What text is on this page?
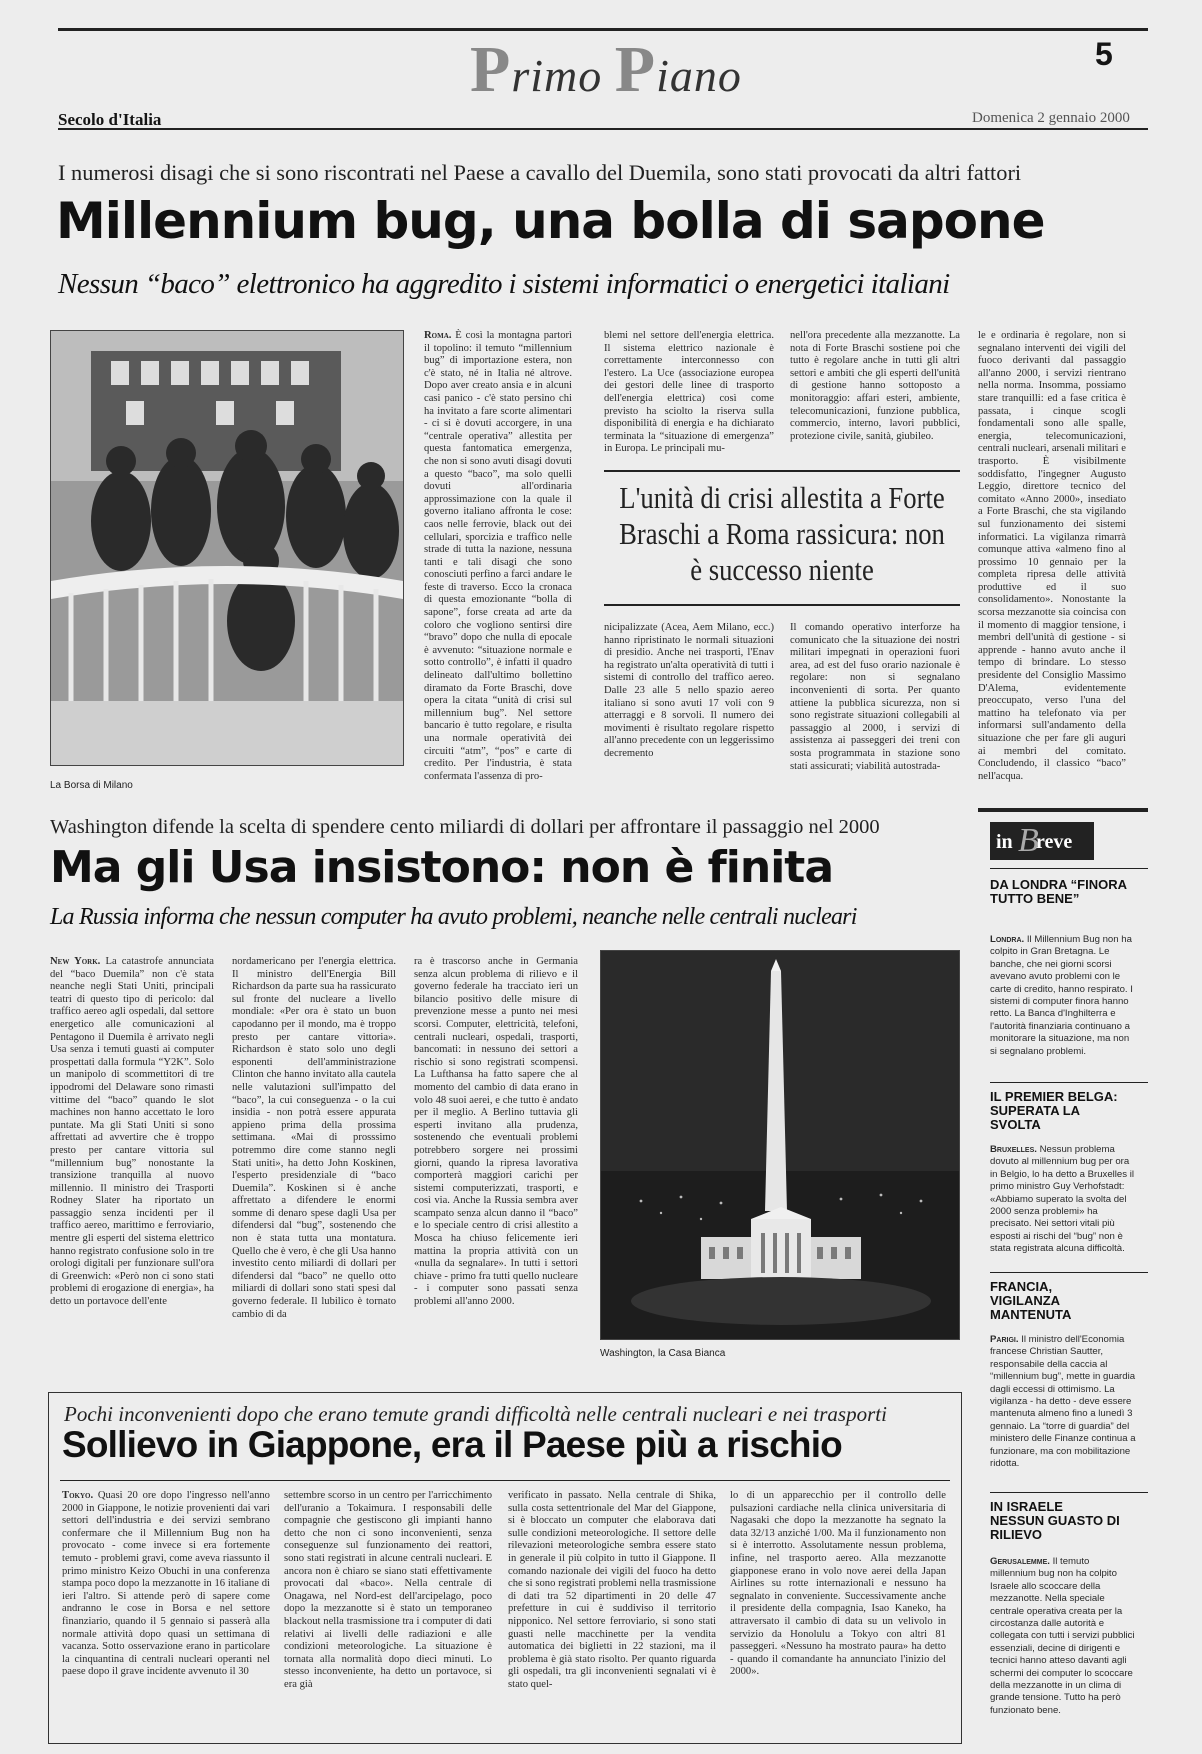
Primo Piano	5
Secolo d'Italia	Domenica 2 gennaio 2000
I numerosi disagi che si sono riscontrati nel Paese a cavallo del Duemila, sono stati provocati da altri fattori
Millennium bug, una bolla di sapone
Nessun “baco” elettronico ha aggredito i sistemi informatici o energetici italiani
La Borsa di Milano
Roma. È così la montagna partorì il topolino: il temuto “millennium bug” di importazione estera, non c'è stato, né in Italia né altrove. Dopo aver creato ansia e in alcuni casi panico - c'è stato persino chi ha invitato a fare scorte alimentari - ci si è dovuti accorgere, in una “centrale operativa” allestita per questa fantomatica emergenza, che non si sono avuti disagi dovuti a questo “baco”, ma solo quelli dovuti all'ordinaria approssimazione con la quale il governo italiano affronta le cose: caos nelle ferrovie, black out dei cellulari, sporcizia e traffico nelle strade di tutta la nazione, nessuna tanti e tali disagi che sono conosciuti perfino a farci andare le feste di traverso. Ecco la cronaca di questa emozionante “bolla di sapone”, forse creata ad arte da coloro che vogliono sentirsi dire “bravo” dopo che nulla di epocale è avvenuto: “situazione normale e sotto controllo”, è infatti il quadro delineato dall'ultimo bollettino diramato da Forte Braschi, dove opera la citata “unità di crisi sul millennium bug”. Nel settore bancario è tutto regolare, e risulta una normale operatività dei circuiti “atm”, “pos” e carte di credito. Per l'industria, è stata confermata l'assenza di pro-
blemi nel settore dell'energia elettrica. Il sistema elettrico nazionale è correttamente interconnesso con l'estero. La Uce (associazione europea dei gestori delle linee di trasporto dell'energia elettrica) così come previsto ha sciolto la riserva sulla disponibilità di energia e ha dichiarato terminata la “situazione di emergenza” in Europa. Le principali mu-
nell'ora precedente alla mezzanotte. La nota di Forte Braschi sostiene poi che tutto è regolare anche in tutti gli altri settori e ambiti che gli esperti dell'unità di gestione hanno sottoposto a monitoraggio: affari esteri, ambiente, telecomunicazioni, funzione pubblica, commercio, interno, lavori pubblici, protezione civile, sanità, giubileo.
le e ordinaria è regolare, non si segnalano interventi dei vigili del fuoco derivanti dal passaggio all'anno 2000, i servizi rientrano nella norma. Insomma, possiamo stare tranquilli: ed a fase critica è passata, i cinque scogli fondamentali sono alle spalle, energia, telecomunicazioni, centrali nucleari, arsenali militari e trasporto. È visibilmente soddisfatto, l'ingegner Augusto Leggio, direttore tecnico del comitato «Anno 2000», insediato a Forte Braschi, che sta vigilando sul funzionamento dei sistemi informatici. La vigilanza rimarrà comunque attiva «almeno fino al prossimo 10 gennaio per la completa ripresa delle attività produttive ed il suo consolidamento». Nonostante la scorsa mezzanotte sia coincisa con il momento di maggior tensione, i membri dell'unità di gestione - si apprende - hanno avuto anche il tempo di brindare. Lo stesso presidente del Consiglio Massimo D'Alema, evidentemente preoccupato, verso l'una del mattino ha telefonato via per informarsi sull'andamento della situazione che per fare gli auguri ai membri del comitato. Concludendo, il classico “baco” nell'acqua.
L'unità di crisi allestita a Forte Braschi a Roma rassicura: non è successo niente
nicipalizzate (Acea, Aem Milano, ecc.) hanno ripristinato le normali situazioni di presidio. Anche nei trasporti, l'Enav ha registrato un'alta operatività di tutti i sistemi di controllo del traffico aereo. Dalle 23 alle 5 nello spazio aereo italiano si sono avuti 17 voli con 9 atterraggi e 8 sorvoli. Il numero dei movimenti è risultato regolare rispetto all'anno precedente con un leggerissimo decremento
Il comando operativo interforze ha comunicato che la situazione dei nostri militari impegnati in operazioni fuori area, ad est del fuso orario nazionale è regolare: non si segnalano inconvenienti di sorta. Per quanto attiene la pubblica sicurezza, non si sono registrate situazioni collegabili al passaggio al 2000, i servizi di assistenza ai passeggeri dei treni con sosta programmata in stazione sono stati assicurati; viabilità autostrada-
Washington difende la scelta di spendere cento miliardi di dollari per affrontare il passaggio nel 2000
Ma gli Usa insistono: non è finita
La Russia informa che nessun computer ha avuto problemi, neanche nelle centrali nucleari
New York. La catastrofe annunciata del “baco Duemila” non c'è stata neanche negli Stati Uniti, principali teatri di questo tipo di pericolo: dal traffico aereo agli ospedali, dal settore energetico alle comunicazioni al Pentagono il Duemila è arrivato negli Usa senza i temuti guasti ai computer prospettati dalla formula “Y2K”. Solo un manipolo di scommettitori di tre ippodromi del Delaware sono rimasti vittime del “baco” quando le slot machines non hanno accettato le loro puntate. Ma gli Stati Uniti si sono affrettati ad avvertire che è troppo presto per cantare vittoria sul “millennium bug” nonostante la transizione tranquilla al nuovo millennio. Il ministro dei Trasporti Rodney Slater ha riportato un passaggio senza incidenti per il traffico aereo, marittimo e ferroviario, mentre gli esperti del sistema elettrico hanno registrato confusione solo in tre orologi digitali per funzionare sull'ora di Greenwich: «Però non ci sono stati problemi di erogazione di energia», ha detto un portavoce dell'ente
nordamericano per l'energia elettrica. Il ministro dell'Energia Bill Richardson da parte sua ha rassicurato sul fronte del nucleare a livello mondiale: «Per ora è stato un buon capodanno per il mondo, ma è troppo presto per cantare vittoria». Richardson è stato solo uno degli esponenti dell'amministrazione Clinton che hanno invitato alla cautela nelle valutazioni sull'impatto del “baco”, la cui conseguenza - o la cui insidia - non potrà essere appurata appieno prima della prossima settimana. «Mai di prosssimo potremmo dire come stanno negli Stati uniti», ha detto John Koskinen, l'esperto presidenziale di “baco Duemila”. Koskinen si è anche affrettato a difendere le enormi somme di denaro spese dagli Usa per difendersi dal “bug”, sostenendo che non è stata tutta una montatura. Quello che è vero, è che gli Usa hanno investito cento miliardi di dollari per difendersi dal “baco” ne quello otto miliardi di dollari sono stati spesi dal governo federale. Il lubilico è tornato cambio di da
ra è trascorso anche in Germania senza alcun problema di rilievo e il governo federale ha tracciato ieri un bilancio positivo delle misure di prevenzione messe a punto nei mesi scorsi. Computer, elettricità, telefoni, centrali nucleari, ospedali, trasporti, bancomati: in nessuno dei settori a rischio si sono registrati scompensi. La Lufthansa ha fatto sapere che al momento del cambio di data erano in volo 48 suoi aerei, e che tutto è andato per il meglio. A Berlino tuttavia gli esperti invitano alla prudenza, sostenendo che eventuali problemi potrebbero sorgere nei prossimi giorni, quando la ripresa lavorativa comporterà maggiori carichi per sistemi computerizzati, trasporti, e così via. Anche la Russia sembra aver scampato senza alcun danno il “baco” e lo speciale centro di crisi allestito a Mosca ha chiuso felicemente ieri mattina la propria attività con un «nulla da segnalare». In tutti i settori chiave - primo fra tutti quello nucleare - i computer sono passati senza problemi all'anno 2000.
Washington, la Casa Bianca
in B
reve
DA LONDRA “FINORA TUTTO BENE”
Londra. Il Millennium Bug non ha colpito in Gran Bretagna. Le banche, che nei giorni scorsi avevano avuto problemi con le carte di credito, hanno respirato. I sistemi di computer finora hanno retto. La Banca d'Inghilterra e l'autorità finanziaria continuano a monitorare la situazione, ma non si segnalano problemi.
IL PREMIER BELGA: SUPERATA LA SVOLTA
Bruxelles. Nessun problema dovuto al millennium bug per ora in Belgio, lo ha detto a Bruxelles il primo ministro Guy Verhofstadt: «Abbiamo superato la svolta del 2000 senza problemi» ha precisato. Nei settori vitali più esposti ai rischi del “bug” non è stata registrata alcuna difficoltà.
FRANCIA, VIGILANZA MANTENUTA
Parigi. Il ministro dell'Economia francese Christian Sautter, responsabile della caccia al “millennium bug”, mette in guardia dagli eccessi di ottimismo. La vigilanza - ha detto - deve essere mantenuta almeno fino a lunedì 3 gennaio. La “torre di guardia” del ministero delle Finanze continua a funzionare, ma con mobilitazione ridotta.
IN ISRAELE NESSUN GUASTO DI RILIEVO
Gerusalemme. Il temuto millennium bug non ha colpito Israele allo scoccare della mezzanotte. Nella speciale centrale operativa creata per la circostanza dalle autorità e collegata con tutti i servizi pubblici essenziali, decine di dirigenti e tecnici hanno atteso davanti agli schermi dei computer lo scoccare della mezzanotte in un clima di grande tensione. Tutto ha però funzionato bene.
Pochi inconvenienti dopo che erano temute grandi difficoltà nelle centrali nucleari e nei trasporti
Sollievo in Giappone, era il Paese più a rischio
Tokyo. Quasi 20 ore dopo l'ingresso nell'anno 2000 in Giappone, le notizie provenienti dai vari settori dell'industria e dei servizi sembrano confermare che il Millennium Bug non ha provocato - come invece si era fortemente temuto - problemi gravi, come aveva riassunto il primo ministro Keizo Obuchi in una conferenza stampa poco dopo la mezzanotte in 16 italiane di ieri l'altro. Si attende però di sapere come andranno le cose in Borsa e nel settore finanziario, quando il 5 gennaio si passerà alla normale attività dopo quasi un settimana di vacanza. Sotto osservazione erano in particolare la cinquantina di centrali nucleari operanti nel paese dopo il grave incidente avvenuto il 30
settembre scorso in un centro per l'arricchimento dell'uranio a Tokaimura. I responsabili delle compagnie che gestiscono gli impianti hanno detto che non ci sono inconvenienti, senza conseguenze sul funzionamento dei reattori, sono stati registrati in alcune centrali nucleari. E ancora non è chiaro se siano stati effettivamente provocati dal «baco». Nella centrale di Onagawa, nel Nord-est dell'arcipelago, poco dopo la mezzanotte si è stato un temporaneo blackout nella trasmissione tra i computer di dati relativi ai livelli delle radiazioni e alle condizioni meteorologiche. La situazione è tornata alla normalità dopo dieci minuti. Lo stesso inconveniente, ha detto un portavoce, si era già
verificato in passato. Nella centrale di Shika, sulla costa settentrionale del Mar del Giappone, si è bloccato un computer che elaborava dati sulle condizioni meteorologiche. Il settore delle rilevazioni meteorologiche sembra essere stato in generale il più colpito in tutto il Giappone. Il comando nazionale dei vigili del fuoco ha detto che si sono registrati problemi nella trasmissione di dati tra 52 dipartimenti in 20 delle 47 prefetture in cui è suddiviso il territorio nipponico. Nel settore ferroviario, si sono stati guasti nelle macchinette per la vendita automatica dei biglietti in 22 stazioni, ma il problema è già stato risolto. Per quanto riguarda gli ospedali, tra gli inconvenienti segnalati vi è stato quel-
lo di un apparecchio per il controllo delle pulsazioni cardiache nella clinica universitaria di Nagasaki che dopo la mezzanotte ha segnato la data 32/13 anziché 1/00. Ma il funzionamento non si è interrotto. Assolutamente nessun problema, infine, nel trasporto aereo. Alla mezzanotte giapponese erano in volo nove aerei della Japan Airlines su rotte internazionali e nessuno ha segnalato in conveniente. Successivamente anche il presidente della compagnia, Isao Kaneko, ha attraversato il cambio di data su un velivolo in servizio da Honolulu a Tokyo con altri 81 passeggeri. «Nessuno ha mostrato paura» ha detto - quando il comandante ha annunciato l'inizio del 2000».
